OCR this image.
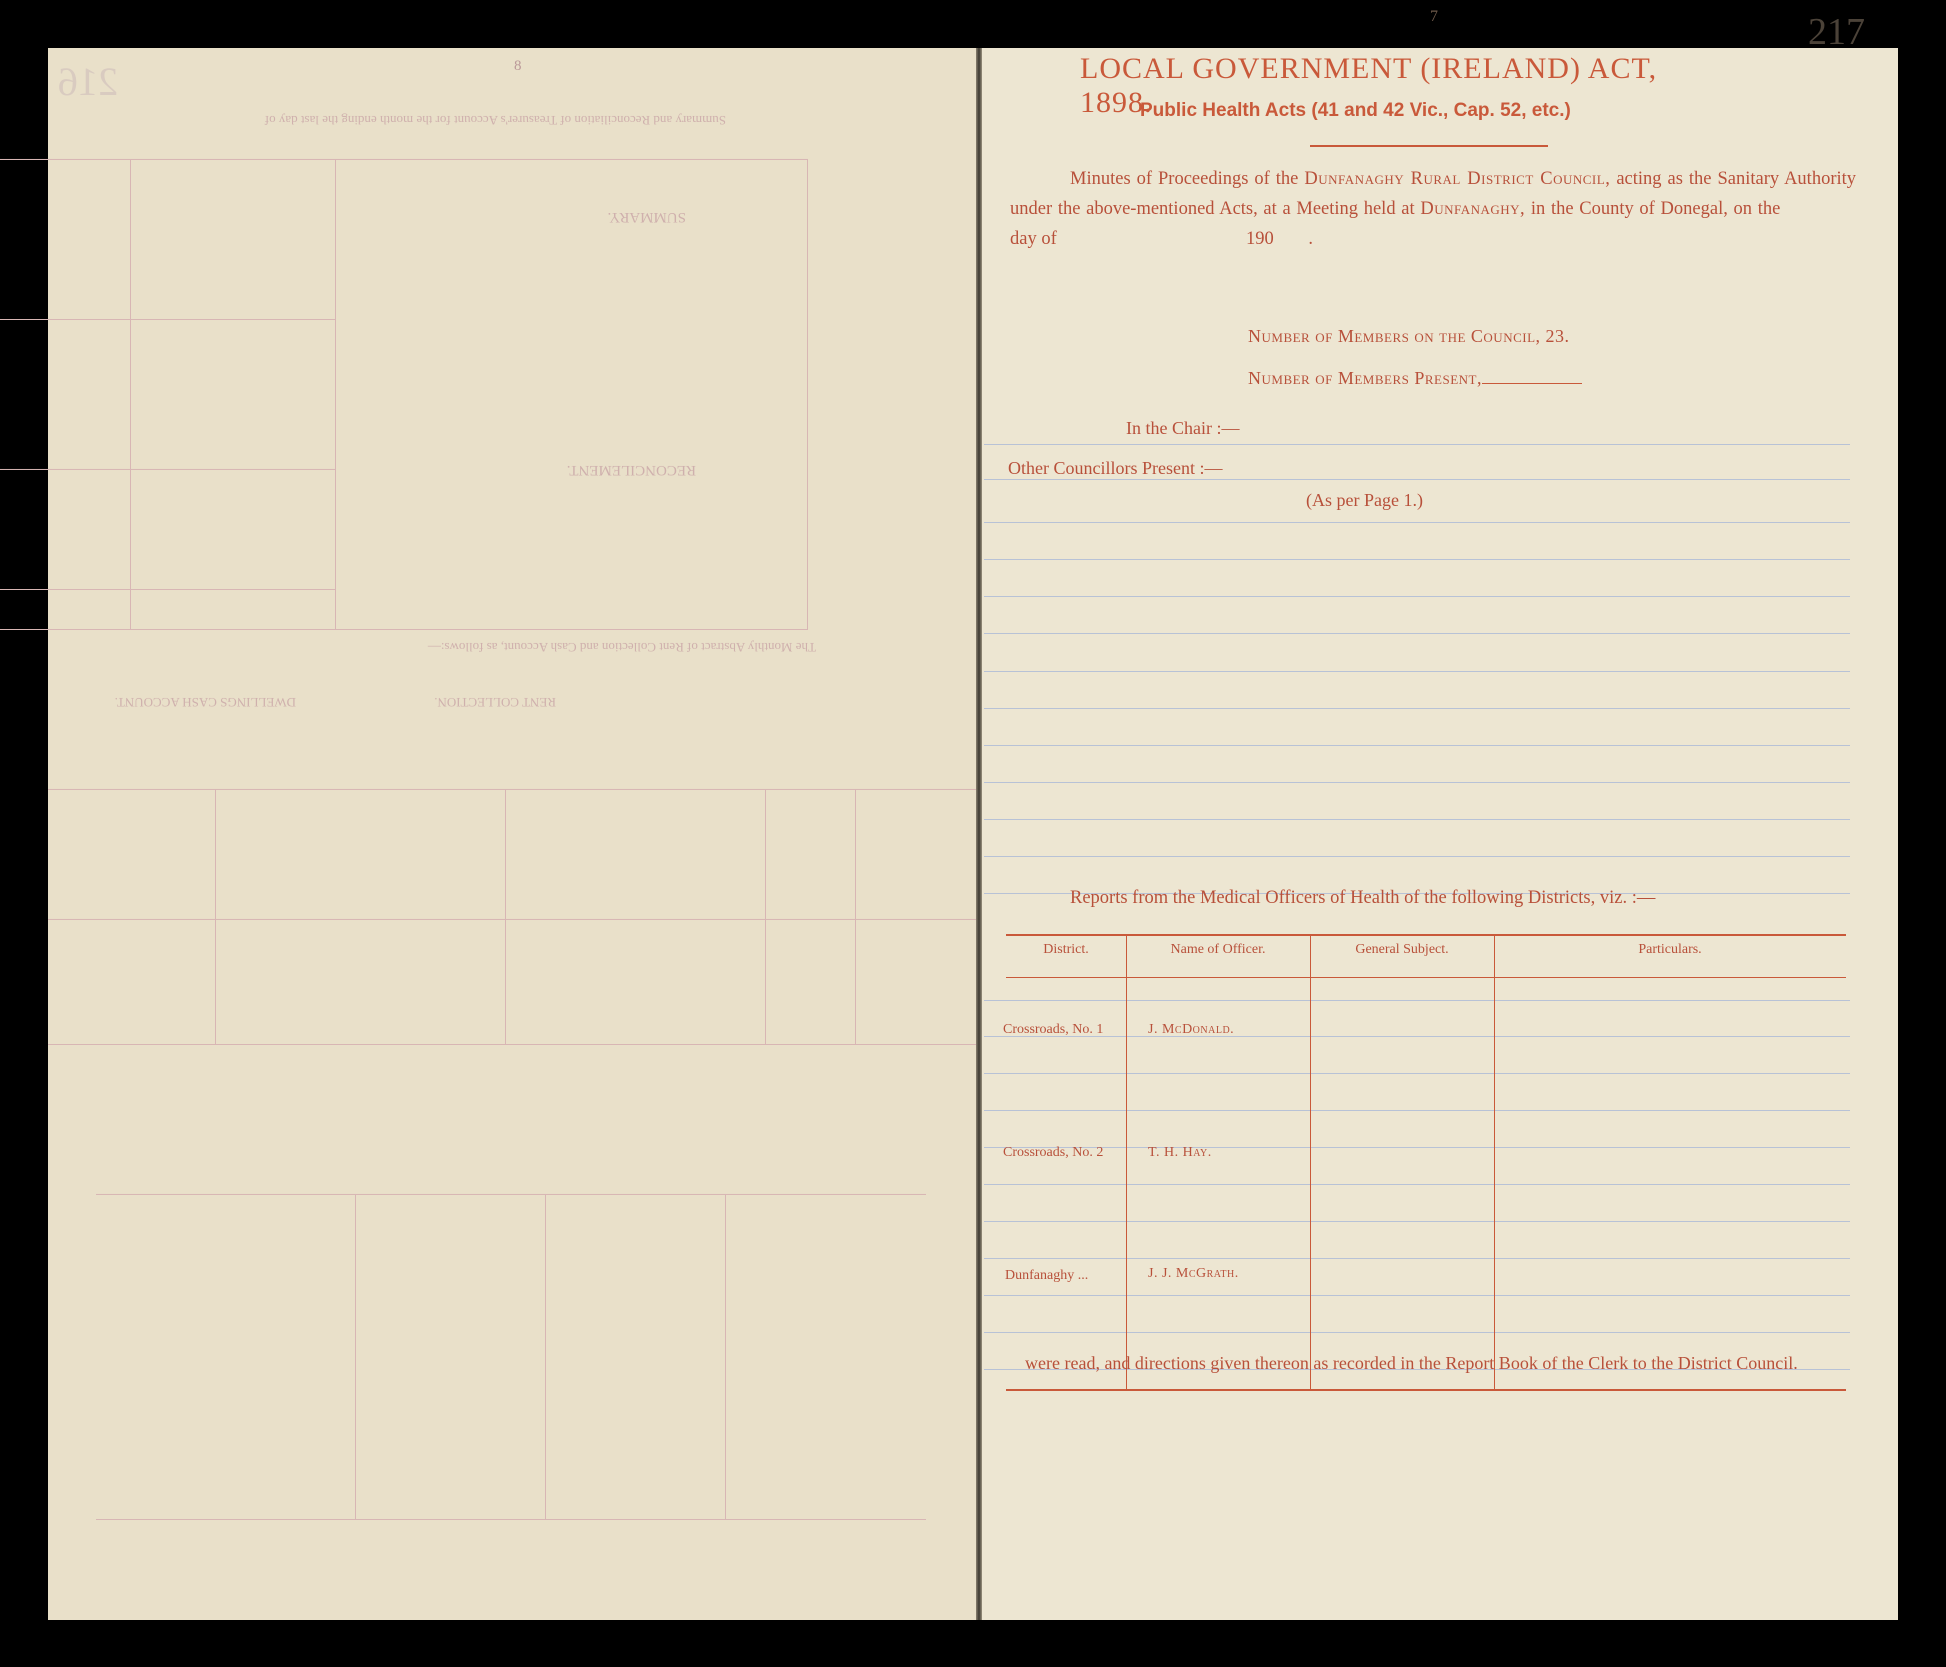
216	8
Summary and Reconciliation of Treasurer's Account for the month ending the last day of
SUMMARY.
RECONCILEMENT.
The Monthly Abstract of Rent Collection and Cash Account, as follows:—
RENT COLLECTION.
DWELLINGS CASH ACCOUNT.
7	217
LOCAL GOVERNMENT (IRELAND) ACT, 1898.
Public Health Acts (41 and 42 Vic., Cap. 52, etc.)
Minutes of Proceedings of the Dunfanaghy Rural District Council, acting as the Sanitary Authority under the above-mentioned Acts, at a Meeting held at Dunfanaghy, in the County of Donegal, on the  day of	190 .
Number of Members on the Council, 23.
Number of Members Present,
In the Chair :—
Other Councillors Present :—
(As per Page 1.)
Reports from the Medical Officers of Health of the following Districts, viz. :—
District.	Name of Officer.	General Subject.	Particulars.
Crossroads, No. 1	J. McDonald.
Crossroads, No. 2	T. H. Hay.
Dunfanaghy ...	J. J. McGrath.
were read, and directions given thereon as recorded in the Report Book of the Clerk to the District Council.
